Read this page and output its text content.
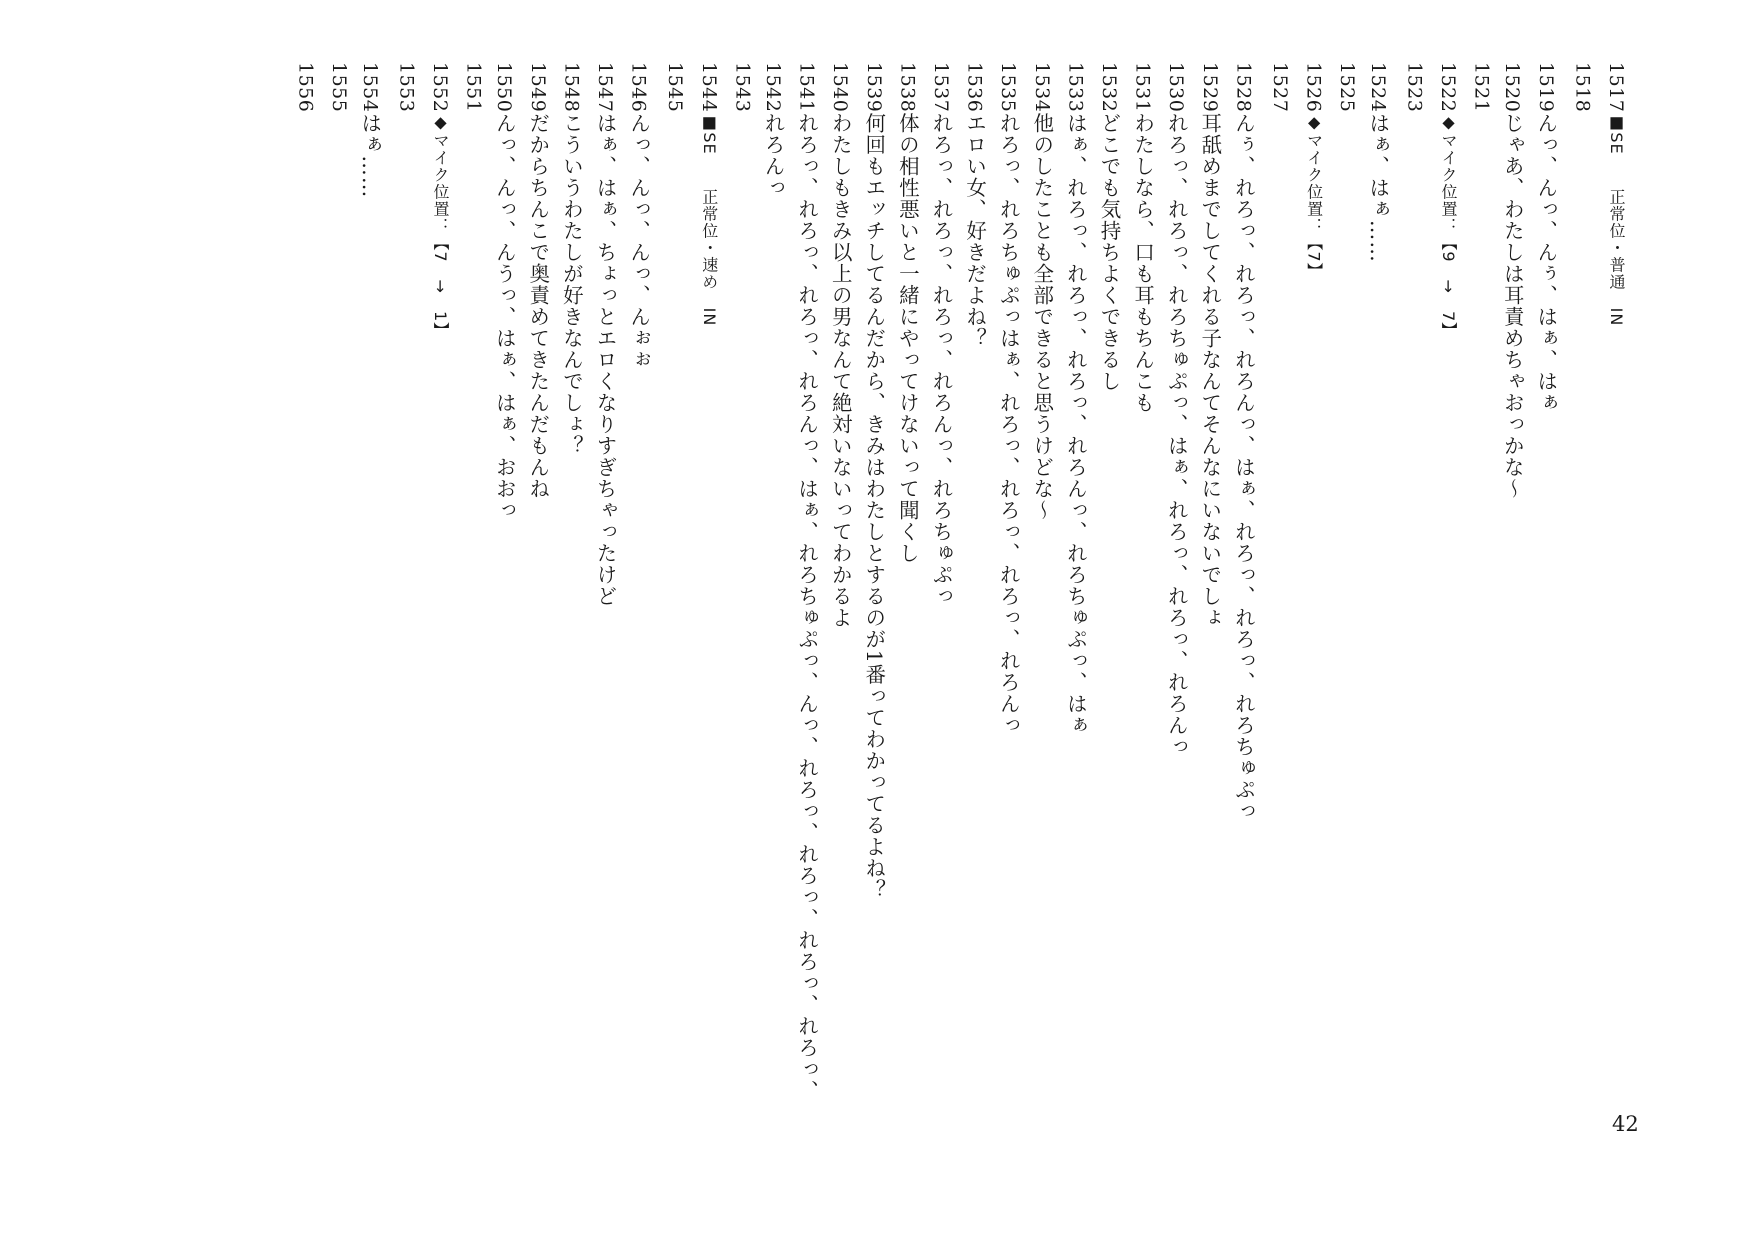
1517■SE　　正常位・普通　IN
1518
1519んっ、んっ、んぅ、はぁ、はぁ
1520じゃあ、わたしは耳責めちゃおっかな～
1521
1522◆マイク位置：【9　→　7】
1523
1524はぁ、はぁ……
1525
1526◆マイク位置：【7】
1527
1528んぅ、れろっ、れろっ、れろんっ、はぁ、れろっ、れろっ、れろちゅぷっ
1529耳舐めまでしてくれる子なんてそんなにいないでしょ
1530れろっ、れろっ、れろちゅぷっ、はぁ、れろっ、れろっ、れろんっ
1531わたしなら、口も耳もちんこも
1532どこでも気持ちよくできるし
1533はぁ、れろっ、れろっ、れろっ、れろんっ、れろちゅぷっ、はぁ
1534他のしたことも全部できると思うけどな～
1535れろっ、れろちゅぷっはぁ、れろっ、れろっ、れろっ、れろんっ
1536エロい女、好きだよね？
1537れろっ、れろっ、れろっ、れろんっ、れろちゅぷっ
1538体の相性悪いと一緒にやってけないって聞くし
1539何回もエッチしてるんだから、きみはわたしとするのが1番ってわかってるよね？
1540わたしもきみ以上の男なんて絶対いないってわかるよ
1541れろっ、れろっ、れろっ、れろんっ、はぁ、れろちゅぷっ、んっ、れろっ、れろっ、れろっ、れろっ、
1542れろんっ
1543
1544■SE　　正常位・速め　IN
1545
1546んっ、んっ、んっ、んぉぉ
1547はぁ、はぁ、ちょっとエロくなりすぎちゃったけど
1548こういうわたしが好きなんでしょ？
1549だからちんこで奥責めてきたんだもんね
1550んっ、んっ、んうっ、はぁ、はぁ、おおっ
1551
1552◆マイク位置：【7　→　1】
1553
1554はぁ……
1555
1556
42
